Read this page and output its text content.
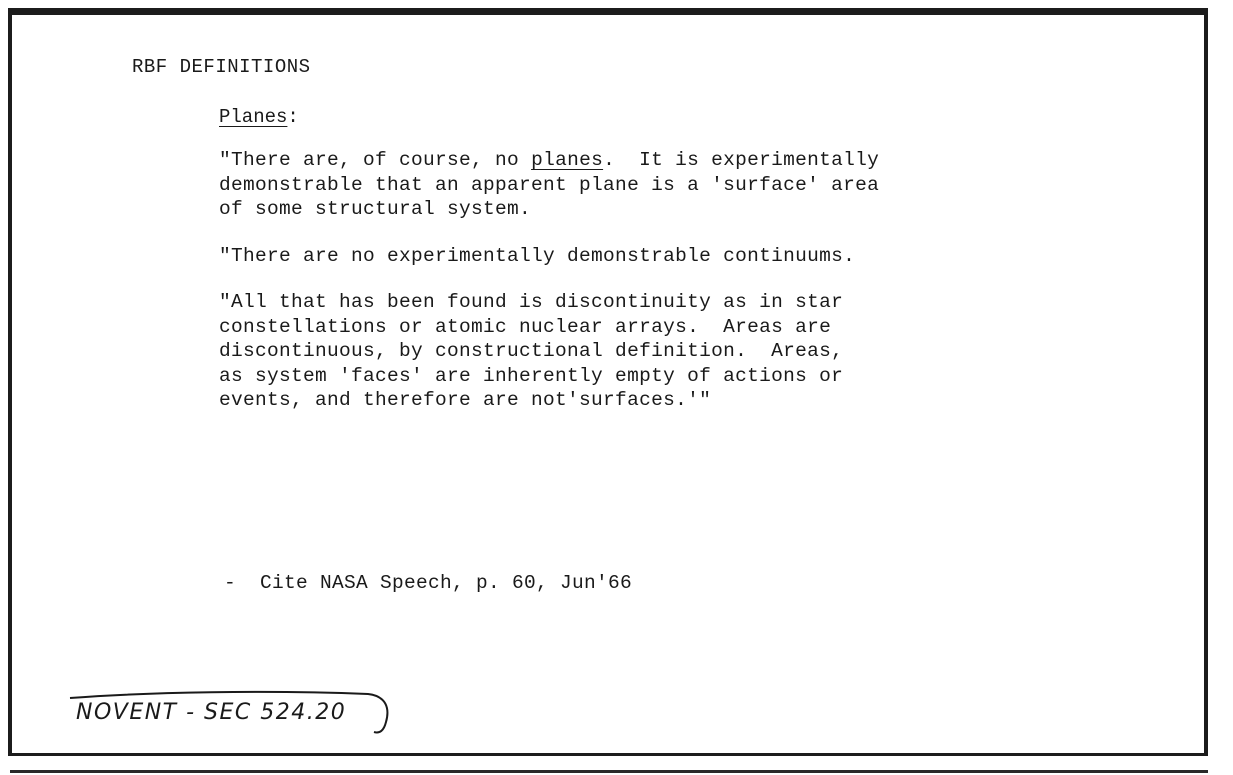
RBF DEFINITIONS
Planes:
"There are, of course, no planes.  It is experimentally
demonstrable that an apparent plane is a 'surface' area
of some structural system.
"There are no experimentally demonstrable continuums.
"All that has been found is discontinuity as in star
constellations or atomic nuclear arrays.  Areas are
discontinuous, by constructional definition.  Areas,
as system 'faces' are inherently empty of actions or
events, and therefore are not'surfaces.'"
-  Cite NASA Speech, p. 60, Jun'66
NOVENT - SEC 524.20
